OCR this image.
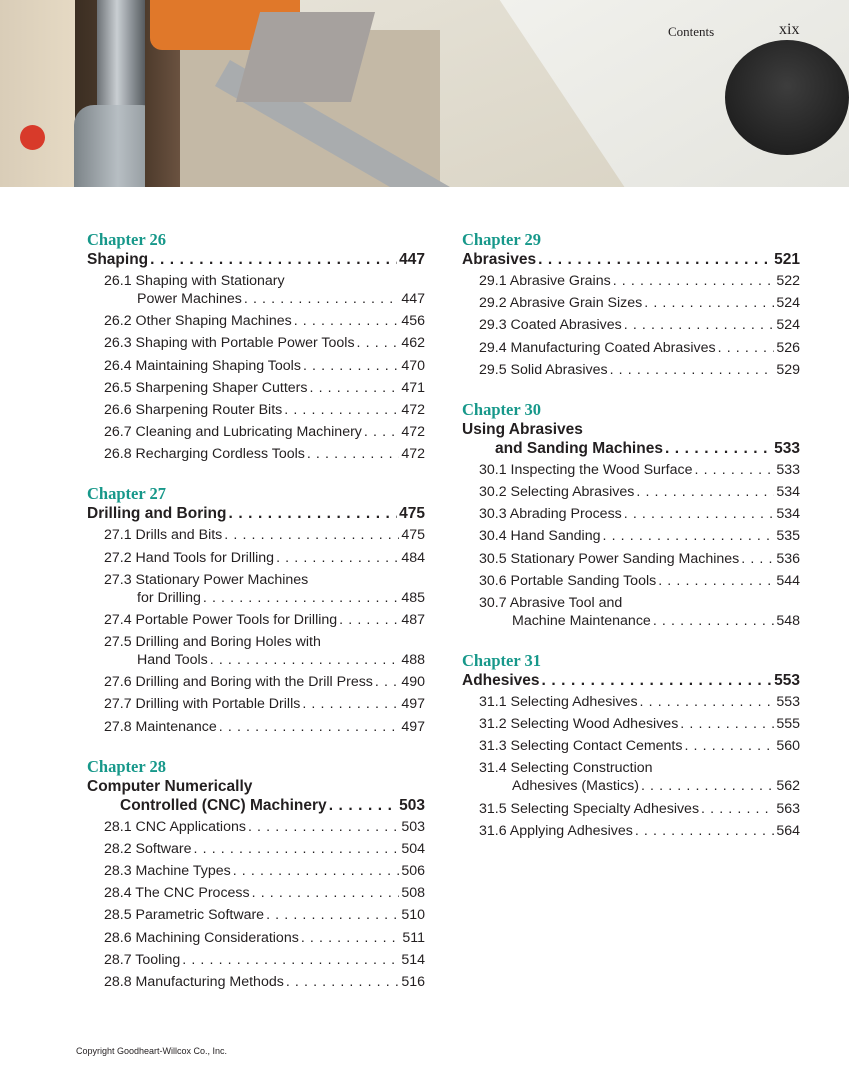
Contents	xix
Chapter 26
Shaping . . .	447
26.1 Shaping with Stationary
Power Machines . . .	447
26.2 Other Shaping Machines . . .	456
26.3 Shaping with Portable Power Tools . . .	462
26.4 Maintaining Shaping Tools . . .	470
26.5 Sharpening Shaper Cutters . . .	471
26.6 Sharpening Router Bits . . .	472
26.7 Cleaning and Lubricating Machinery . . .	472
26.8 Recharging Cordless Tools . . .	472
Chapter 27
Drilling and Boring . . .	475
27.1 Drills and Bits . . .	475
27.2 Hand Tools for Drilling . . .	484
27.3 Stationary Power Machines
for Drilling . . .	485
27.4 Portable Power Tools for Drilling . . .	487
27.5 Drilling and Boring Holes with
Hand Tools . . .	488
27.6 Drilling and Boring with the Drill Press . . . 490
27.7 Drilling with Portable Drills . . .	497
27.8 Maintenance . . .	497
Chapter 28
Computer Numerically
Controlled (CNC) Machinery . . .	503
28.1 CNC Applications . . .	503
28.2 Software . . .	504
28.3 Machine Types . . .	506
28.4 The CNC Process . . .	508
28.5 Parametric Software . . .	510
28.6 Machining Considerations . . .	511
28.7 Tooling . . .	514
28.8 Manufacturing Methods . . .	516
Chapter 29
Abrasives . . .	521
29.1 Abrasive Grains . . .	522
29.2 Abrasive Grain Sizes . . .	524
29.3 Coated Abrasives . . .	524
29.4 Manufacturing Coated Abrasives . . .	526
29.5 Solid Abrasives . . .	529
Chapter 30
Using Abrasives
and Sanding Machines . . .	533
30.1 Inspecting the Wood Surface . . .	533
30.2 Selecting Abrasives . . .	534
30.3 Abrading Process . . .	534
30.4 Hand Sanding . . .	535
30.5 Stationary Power Sanding Machines . . .	536
30.6 Portable Sanding Tools . . .	544
30.7 Abrasive Tool and
Machine Maintenance . . .	548
Chapter 31
Adhesives . . .	553
31.1 Selecting Adhesives . . .	553
31.2 Selecting Wood Adhesives . . .	555
31.3 Selecting Contact Cements . . .	560
31.4 Selecting Construction
Adhesives (Mastics) . . .	562
31.5 Selecting Specialty Adhesives . . .	563
31.6 Applying Adhesives . . .	564
Copyright Goodheart-Willcox Co., Inc.
